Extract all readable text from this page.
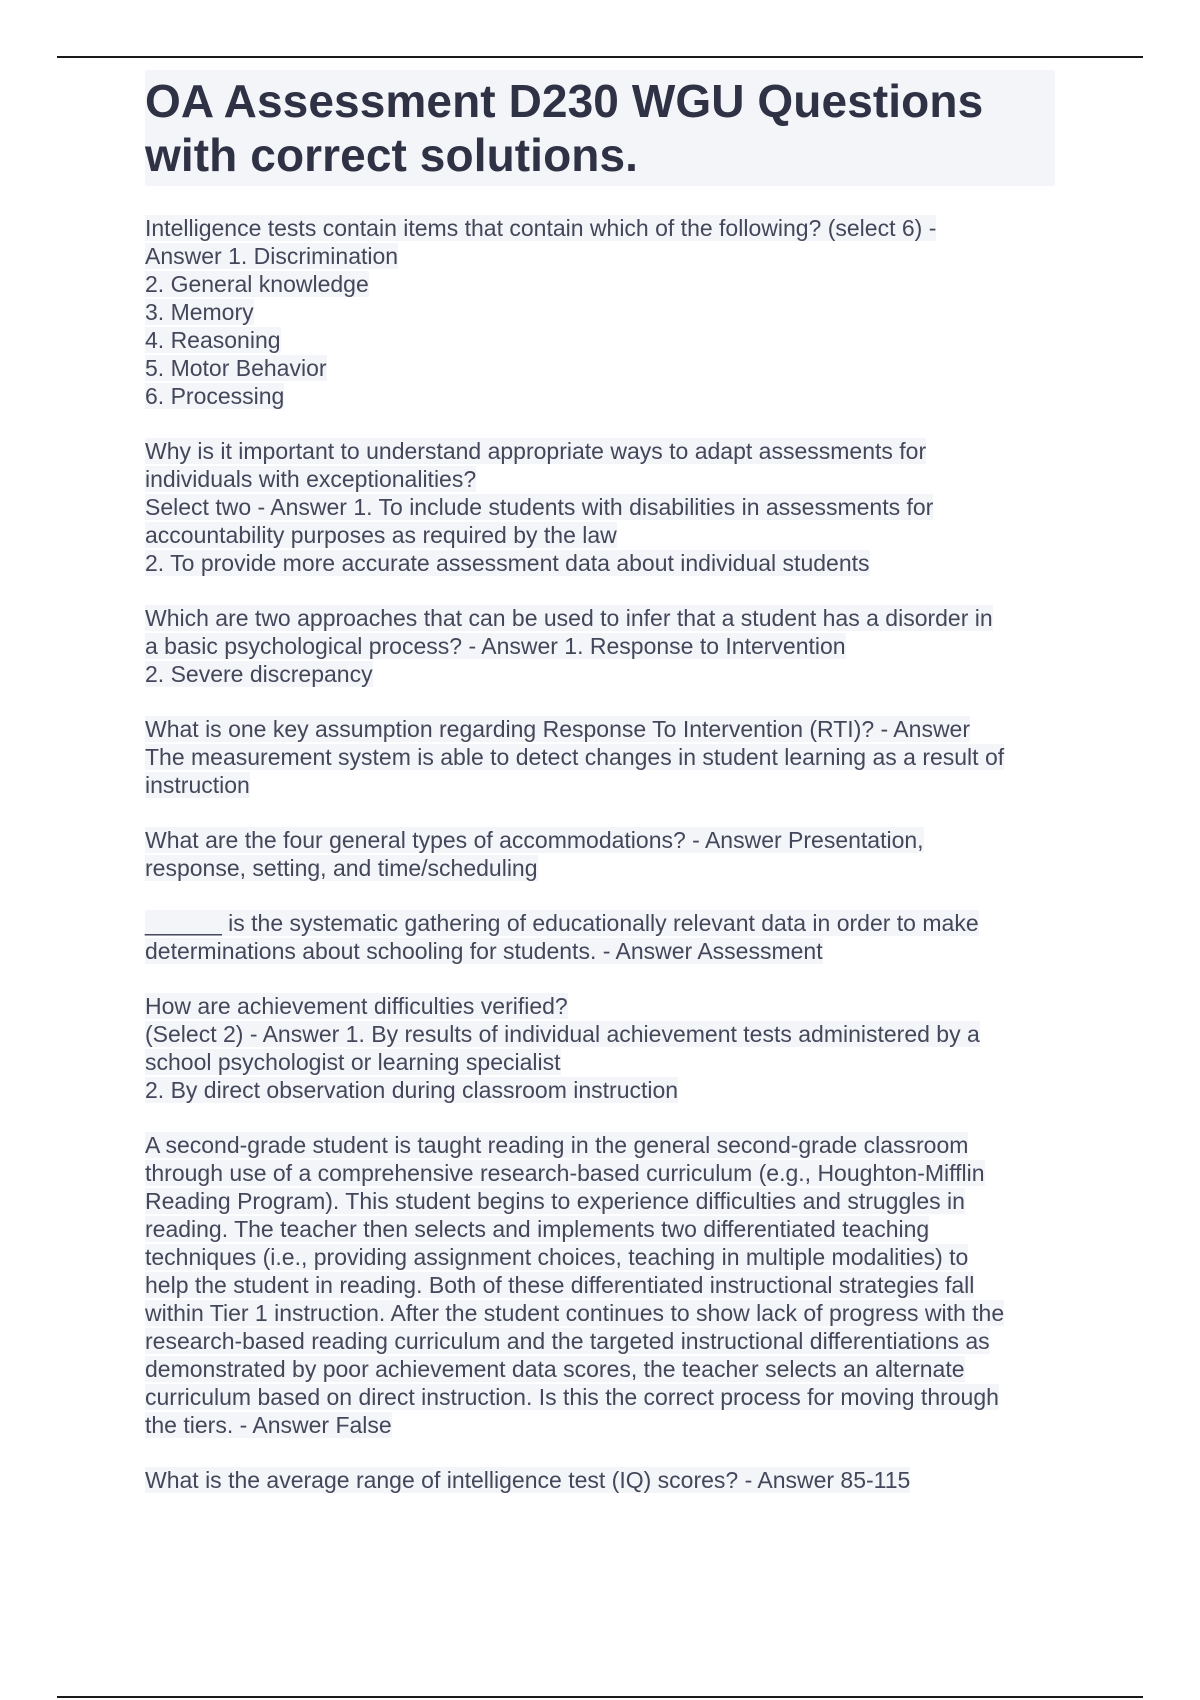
OA Assessment D230 WGU Questions with correct solutions.

Intelligence tests contain items that contain which of the following? (select 6) -
Answer 1. Discrimination
2. General knowledge
3. Memory
4. Reasoning
5. Motor Behavior
6. Processing

Why is it important to understand appropriate ways to adapt assessments for
individuals with exceptionalities?
Select two - Answer 1. To include students with disabilities in assessments for
accountability purposes as required by the law
2. To provide more accurate assessment data about individual students

Which are two approaches that can be used to infer that a student has a disorder in
a basic psychological process? - Answer 1. Response to Intervention
2. Severe discrepancy

What is one key assumption regarding Response To Intervention (RTI)? - Answer
The measurement system is able to detect changes in student learning as a result of
instruction

What are the four general types of accommodations? - Answer Presentation,
response, setting, and time/scheduling

______ is the systematic gathering of educationally relevant data in order to make
determinations about schooling for students. - Answer Assessment

How are achievement difficulties verified?
(Select 2) - Answer 1. By results of individual achievement tests administered by a
school psychologist or learning specialist
2. By direct observation during classroom instruction

A second-grade student is taught reading in the general second-grade classroom
through use of a comprehensive research-based curriculum (e.g., Houghton-Mifflin
Reading Program). This student begins to experience difficulties and struggles in
reading. The teacher then selects and implements two differentiated teaching
techniques (i.e., providing assignment choices, teaching in multiple modalities) to
help the student in reading. Both of these differentiated instructional strategies fall
within Tier 1 instruction. After the student continues to show lack of progress with the
research-based reading curriculum and the targeted instructional differentiations as
demonstrated by poor achievement data scores, the teacher selects an alternate
curriculum based on direct instruction. Is this the correct process for moving through
the tiers. - Answer False

What is the average range of intelligence test (IQ) scores? - Answer 85-115
